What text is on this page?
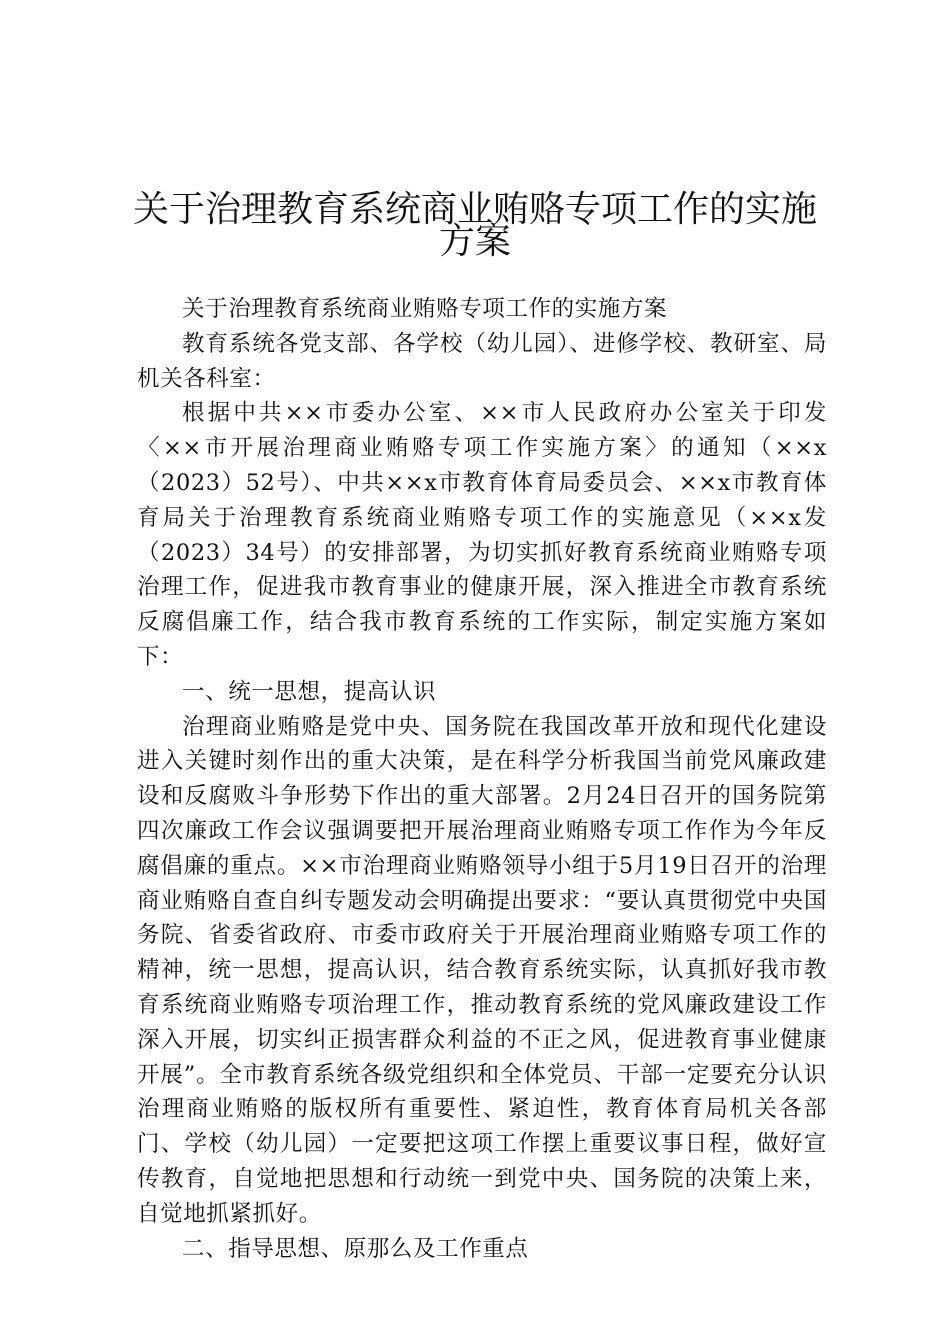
关于治理教育系统商业贿赂专项工作的实施
方案

关于治理教育系统商业贿赂专项工作的实施方案

教育系统各党支部、各学校（幼儿园）、进修学校、教研室、局机关各科室：

根据中共××市委办公室、××市人民政府办公室关于印发〈××市开展治理商业贿赂专项工作实施方案〉的通知（××x（2023）52号）、中共××x市教育体育局委员会、××x市教育体育局关于治理教育系统商业贿赂专项工作的实施意见（××x发（2023）34号）的安排部署，为切实抓好教育系统商业贿赂专项治理工作，促进我市教育事业的健康开展，深入推进全市教育系统反腐倡廉工作，结合我市教育系统的工作实际，制定实施方案如下：

一、统一思想，提高认识

治理商业贿赂是党中央、国务院在我国改革开放和现代化建设进入关键时刻作出的重大决策，是在科学分析我国当前党风廉政建设和反腐败斗争形势下作出的重大部署。2月24日召开的国务院第四次廉政工作会议强调要把开展治理商业贿赂专项工作作为今年反腐倡廉的重点。××市治理商业贿赂领导小组于5月19日召开的治理商业贿赂自查自纠专题发动会明确提出要求：“要认真贯彻党中央国务院、省委省政府、市委市政府关于开展治理商业贿赂专项工作的精神，统一思想，提高认识，结合教育系统实际，认真抓好我市教育系统商业贿赂专项治理工作，推动教育系统的党风廉政建设工作深入开展，切实纠正损害群众利益的不正之风，促进教育事业健康开展”。全市教育系统各级党组织和全体党员、干部一定要充分认识治理商业贿赂的版权所有重要性、紧迫性，教育体育局机关各部门、学校（幼儿园）一定要把这项工作摆上重要议事日程，做好宣传教育，自觉地把思想和行动统一到党中央、国务院的决策上来，自觉地抓紧抓好。

二、指导思想、原那么及工作重点
